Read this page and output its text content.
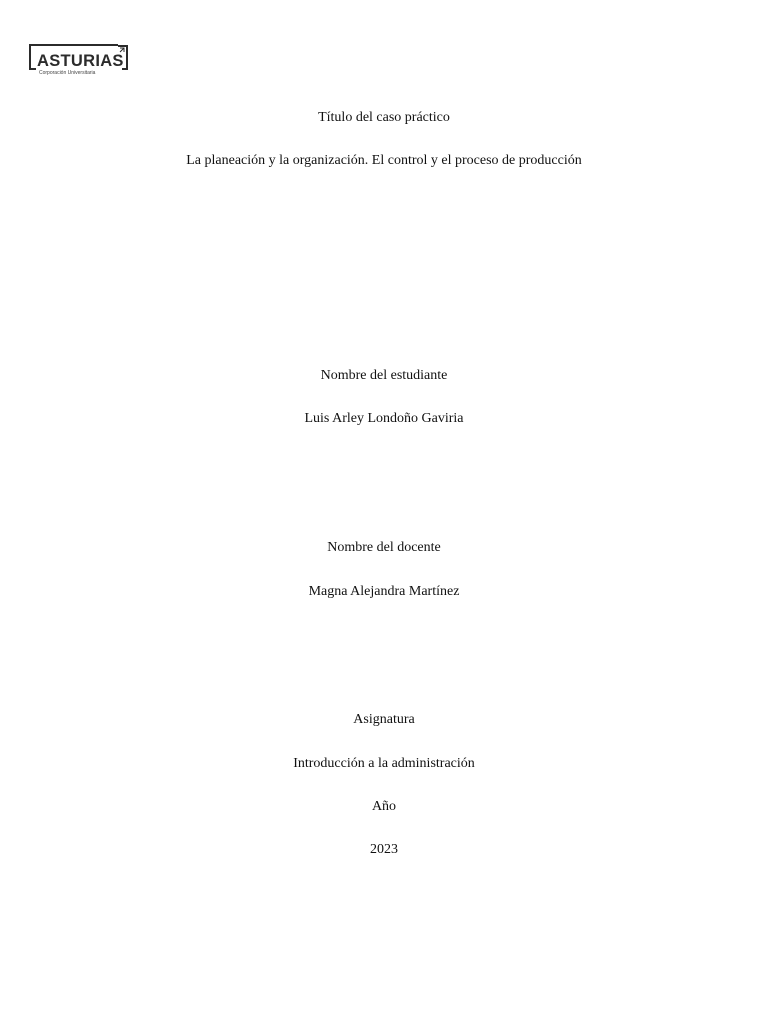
ASTURIAS
Corporación Universitaria
Título del caso práctico
La planeación y la organización. El control y el proceso de producción
Nombre del estudiante
Luis Arley Londoño Gaviria
Nombre del docente
Magna Alejandra Martínez
Asignatura
Introducción a la administración
Año
2023
